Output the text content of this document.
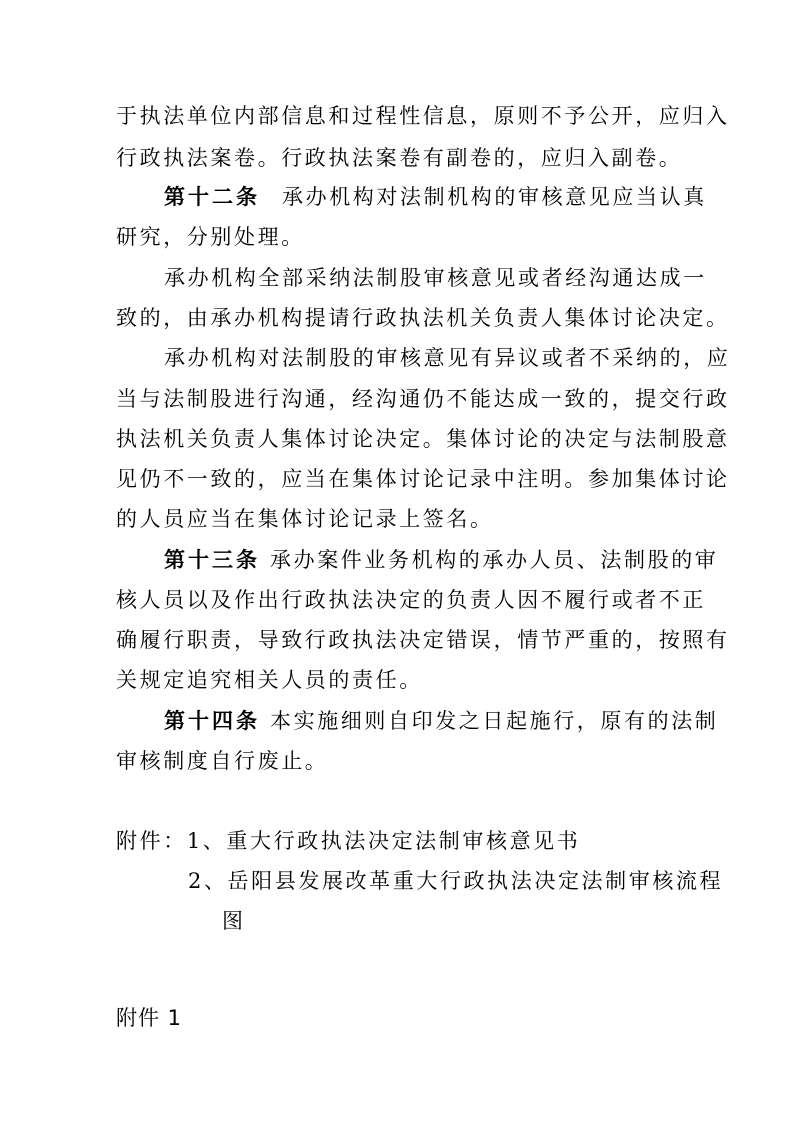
于执法单位内部信息和过程性信息，原则不予公开，应归入
行政执法案卷。行政执法案卷有副卷的，应归入副卷。
第十二条 承办机构对法制机构的审核意见应当认真
研究，分别处理。
承办机构全部采纳法制股审核意见或者经沟通达成一
致的，由承办机构提请行政执法机关负责人集体讨论决定。
承办机构对法制股的审核意见有异议或者不采纳的，应
当与法制股进行沟通，经沟通仍不能达成一致的，提交行政
执法机关负责人集体讨论决定。集体讨论的决定与法制股意
见仍不一致的，应当在集体讨论记录中注明。参加集体讨论
的人员应当在集体讨论记录上签名。
第十三条 承办案件业务机构的承办人员、法制股的审
核人员以及作出行政执法决定的负责人因不履行或者不正
确履行职责，导致行政执法决定错误，情节严重的，按照有
关规定追究相关人员的责任。
第十四条 本实施细则自印发之日起施行，原有的法制
审核制度自行废止。
附件：1、重大行政执法决定法制审核意见书
2、岳阳县发展改革重大行政执法决定法制审核流程
图
附件 1
